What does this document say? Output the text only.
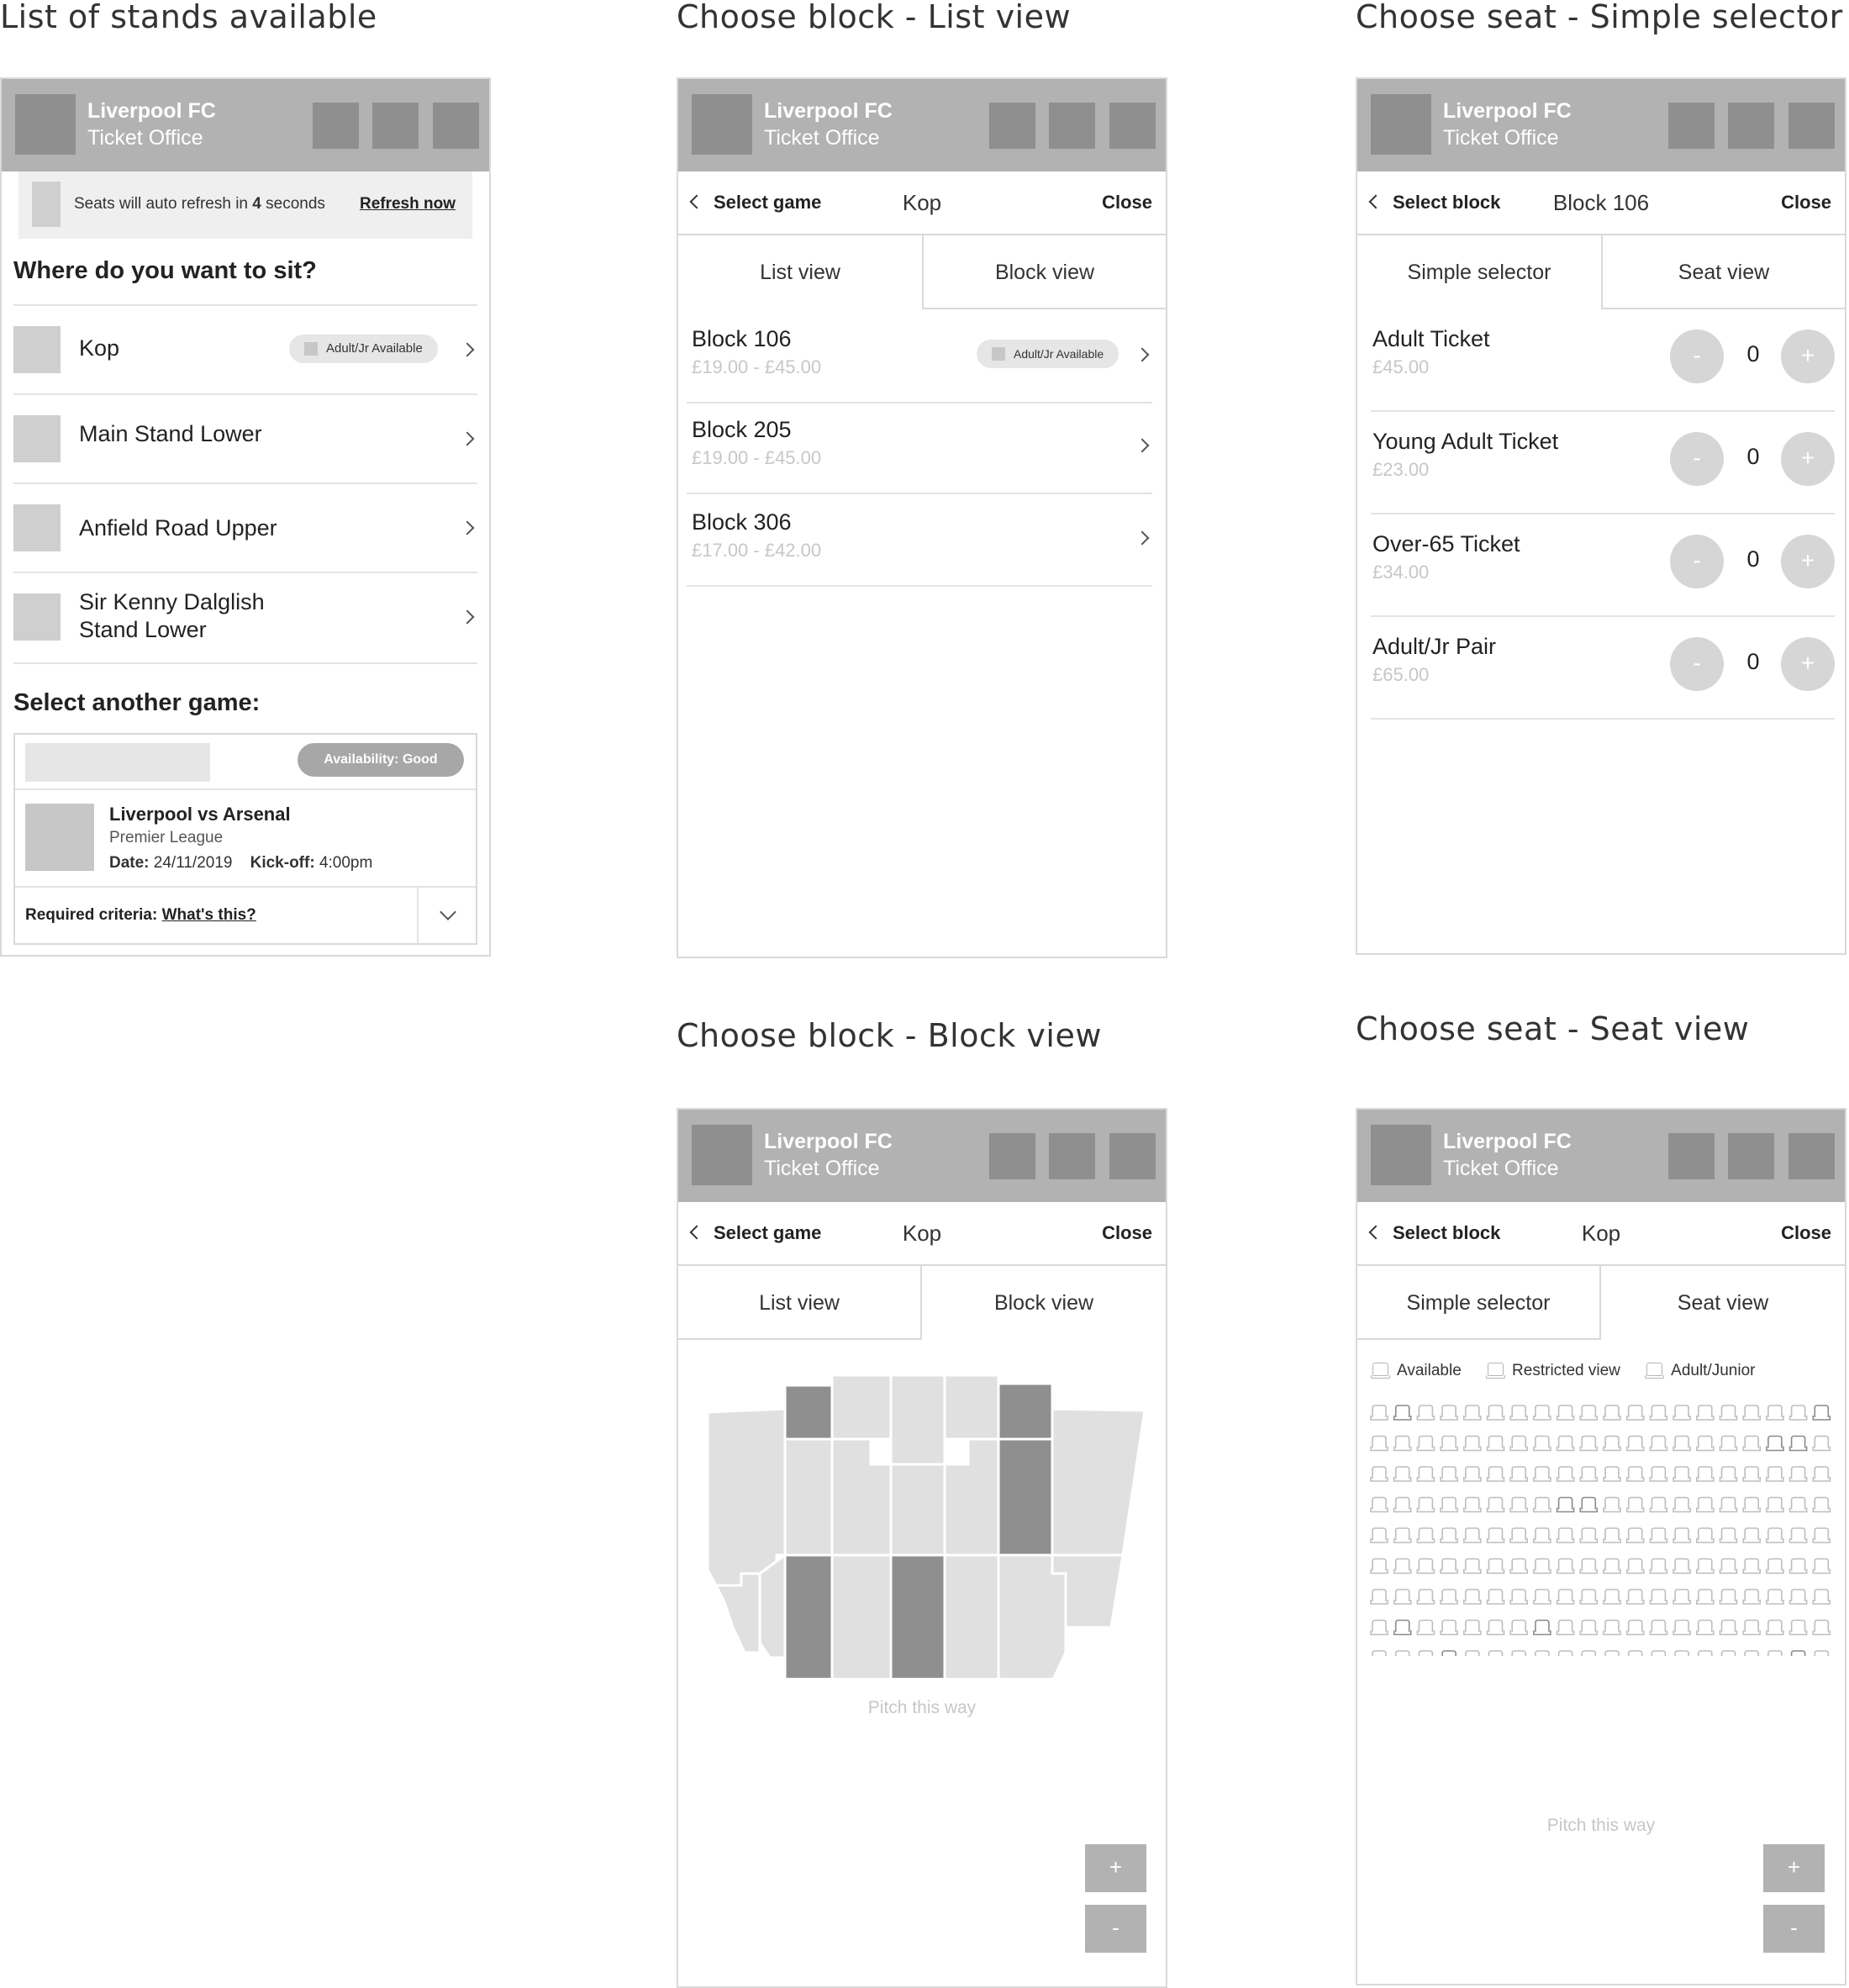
List of stands available	Choose block - List view	Choose seat - Simple selector
Choose block - Block view	Choose seat - Seat view
Liverpool FC
Ticket Office
Seats will auto refresh in 4 seconds Refresh now
Where do you want to sit?
Kop	Adult/Jr Available
Main Stand Lower
Anfield Road Upper
Sir Kenny Dalglish
Stand Lower
Select another game:
Availability: Good
Liverpool vs Arsenal
Premier League
Date: 24/11/2019 Kick-off: 4:00pm
Required criteria: What's this?
Liverpool FC
Ticket Office
Select game	Kop	Close
List view	Block view
Block 106
£19.00 - £45.00
Adult/Jr Available
Block 205
£19.00 - £45.00
Block 306
£17.00 - £42.00
Liverpool FC
Ticket Office
Select block	Block 106	Close
Simple selector	Seat view
Adult Ticket
£45.00	-	0	+
Young Adult Ticket
£23.00	-	0	+
Over-65 Ticket
£34.00	-	0	+
Adult/Jr Pair
£65.00	-	0	+
Liverpool FC
Ticket Office
Select game	Kop	Close
List view	Block view
Pitch this way
+
-
Liverpool FC
Ticket Office
Select block	Kop	Close
Simple selector	Seat view
Available	Restricted view	Adult/Junior
Pitch this way
+
-
